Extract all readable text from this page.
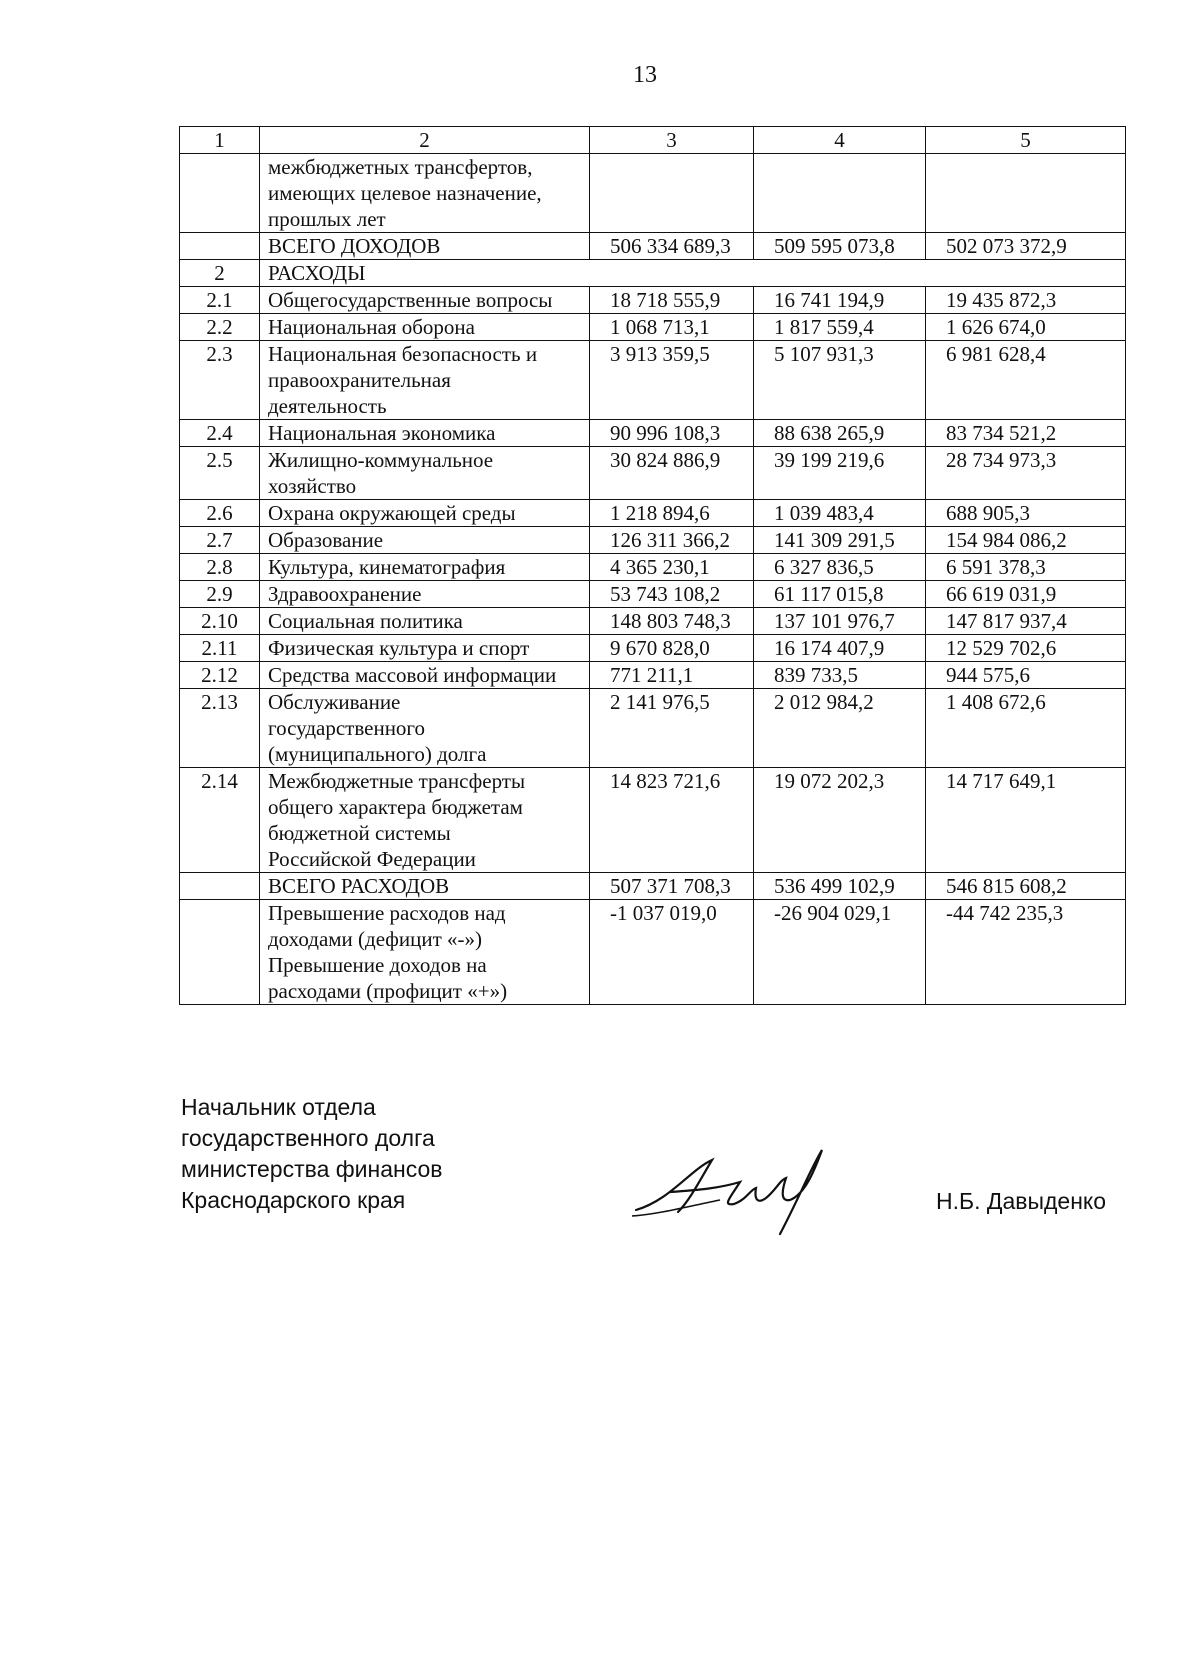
13
1	2	3	4	5

	межбюджетных трансфертов,
имеющих целевое назначение,
прошлых лет			

	ВСЕГО ДОХОДОВ	506 334 689,3	509 595 073,8	502 073 372,9
2	РАСХОДЫ			

2.1	Общегосударственные вопросы	18 718 555,9	16 741 194,9	19 435 872,3
2.2	Национальная оборона	1 068 713,1	1 817 559,4	1 626 674,0
2.3	Национальная безопасность и
правоохранительная
деятельность	3 913 359,5	5 107 931,3	6 981 628,4
2.4	Национальная экономика	90 996 108,3	88 638 265,9	83 734 521,2
2.5	Жилищно-коммунальное
хозяйство	30 824 886,9	39 199 219,6	28 734 973,3
2.6	Охрана окружающей среды	1 218 894,6	1 039 483,4	688 905,3
2.7	Образование	126 311 366,2	141 309 291,5	154 984 086,2
2.8	Культура, кинематография	4 365 230,1	6 327 836,5	6 591 378,3
2.9	Здравоохранение	53 743 108,2	61 117 015,8	66 619 031,9
2.10	Социальная политика	148 803 748,3	137 101 976,7	147 817 937,4
2.11	Физическая культура и спорт	9 670 828,0	16 174 407,9	12 529 702,6
2.12	Средства массовой информации	771 211,1	839 733,5	944 575,6
2.13	Обслуживание
государственного
(муниципального) долга	2 141 976,5	2 012 984,2	1 408 672,6
2.14	Межбюджетные трансферты
общего характера бюджетам
бюджетной системы
Российской Федерации	14 823 721,6	19 072 202,3	14 717 649,1

	ВСЕГО РАСХОДОВ	507 371 708,3	536 499 102,9	546 815 608,2

	Превышение расходов над
доходами (дефицит «-»)
Превышение доходов на
расходами (профицит «+»)	-1 037 019,0	-26 904 029,1	-44 742 235,3
Начальник отдела
государственного долга
министерства финансов
Краснодарского края	Н.Б. Давыденко
